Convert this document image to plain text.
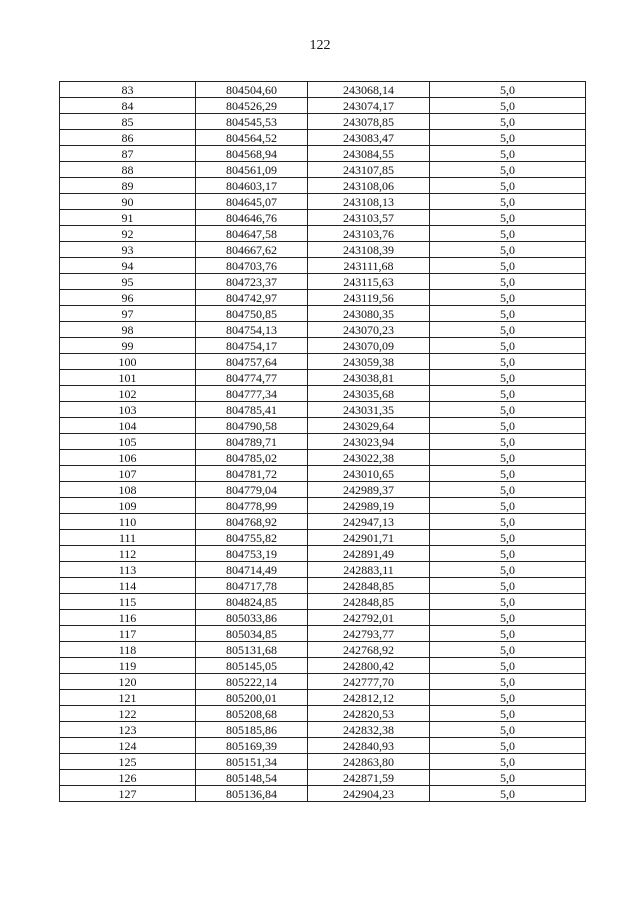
122
83	804504,60	243068,14	5,0
84	804526,29	243074,17	5,0
85	804545,53	243078,85	5,0
86	804564,52	243083,47	5,0
87	804568,94	243084,55	5,0
88	804561,09	243107,85	5,0
89	804603,17	243108,06	5,0
90	804645,07	243108,13	5,0
91	804646,76	243103,57	5,0
92	804647,58	243103,76	5,0
93	804667,62	243108,39	5,0
94	804703,76	243111,68	5,0
95	804723,37	243115,63	5,0
96	804742,97	243119,56	5,0
97	804750,85	243080,35	5,0
98	804754,13	243070,23	5,0
99	804754,17	243070,09	5,0
100	804757,64	243059,38	5,0
101	804774,77	243038,81	5,0
102	804777,34	243035,68	5,0
103	804785,41	243031,35	5,0
104	804790,58	243029,64	5,0
105	804789,71	243023,94	5,0
106	804785,02	243022,38	5,0
107	804781,72	243010,65	5,0
108	804779,04	242989,37	5,0
109	804778,99	242989,19	5,0
110	804768,92	242947,13	5,0
111	804755,82	242901,71	5,0
112	804753,19	242891,49	5,0
113	804714,49	242883,11	5,0
114	804717,78	242848,85	5,0
115	804824,85	242848,85	5,0
116	805033,86	242792,01	5,0
117	805034,85	242793,77	5,0
118	805131,68	242768,92	5,0
119	805145,05	242800,42	5,0
120	805222,14	242777,70	5,0
121	805200,01	242812,12	5,0
122	805208,68	242820,53	5,0
123	805185,86	242832,38	5,0
124	805169,39	242840,93	5,0
125	805151,34	242863,80	5,0
126	805148,54	242871,59	5,0
127	805136,84	242904,23	5,0
